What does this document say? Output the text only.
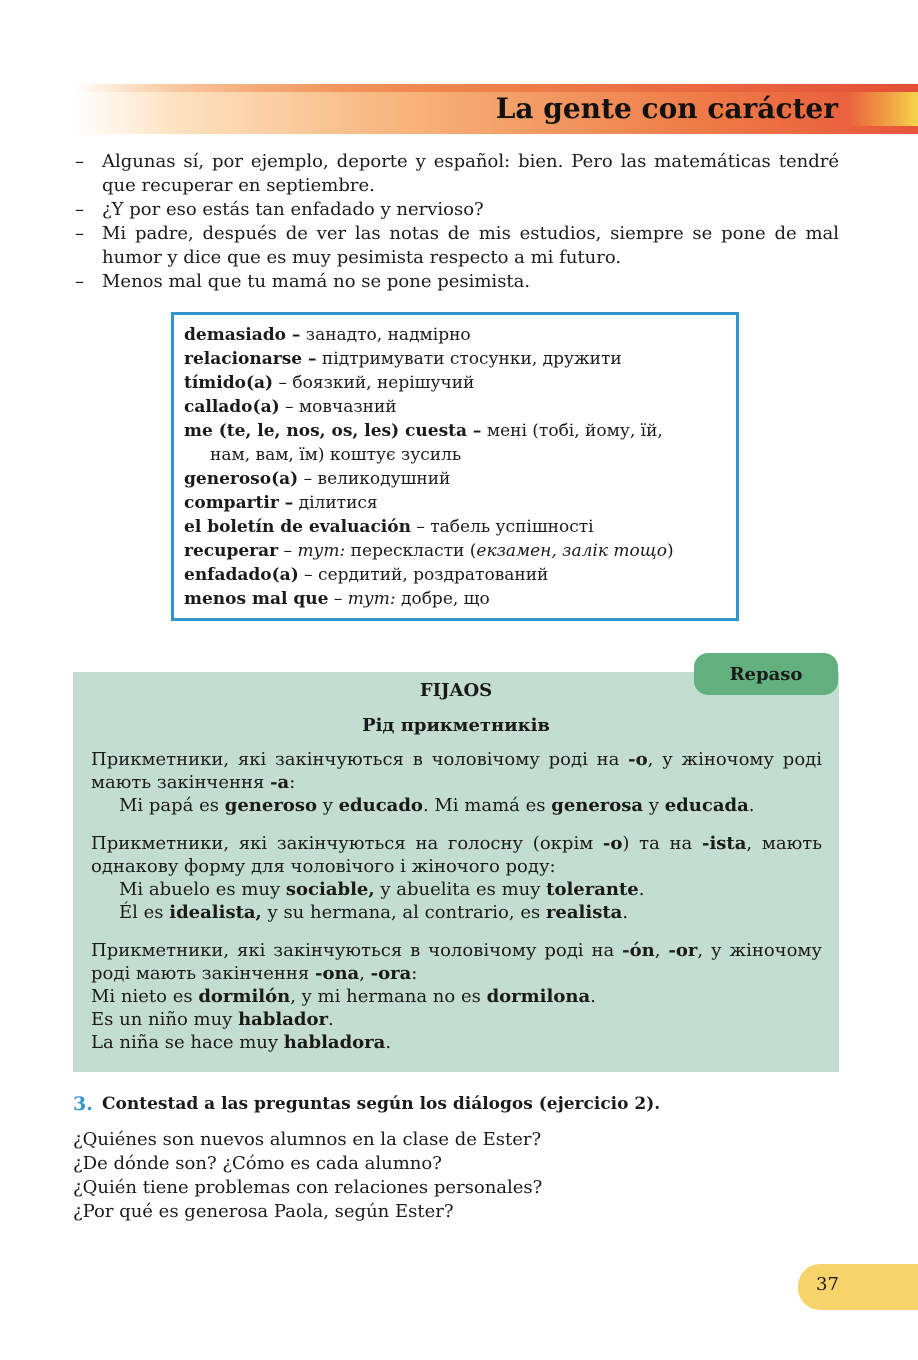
La gente con carácter
– Algunas sí, por ejemplo, deporte y español: bien. Pero las matemáticas tendré que recuperar en septiembre.
– ¿Y por eso estás tan enfadado y nervioso?
– Mi padre, después de ver las notas de mis estudios, siempre se pone de mal humor y dice que es muy pesimista respecto a mi futuro.
– Menos mal que tu mamá no se pone pesimista.
demasiado – занадто, надмірно
relacionarse – підтримувати стосунки, дружити
tímido(a) – боязкий, нерішучий
callado(a) – мовчазний
me (te, le, nos, os, les) cuesta – мені (тобі, йому, їй,
нам, вам, їм) коштує зусиль
generoso(a) – великодушний
compartir – ділитися
el boletín de evaluación – табель успішності
recuperar – тут: перескласти (екзамен, залік тощо)
enfadado(a) – сердитий, роздратований
menos mal que – тут: добре, що
Repaso
FIJAOS
Рід прикметників

Прикметники, які закінчуються в чоловічому роді на -o, у жіночому роді мають закінчення -a:

Mi papá es generoso y educado. Mi mamá es generosa y educada.

Прикметники, які закінчуються на голосну (окрім -o) та на -ista, мають однакову форму для чоловічого і жіночого роду:

Mi abuelo es muy sociable, y abuelita es muy tolerante.

Él es idealista, y su hermana, al contrario, es realista.

Прикметники, які закінчуються в чоловічому роді на -ón, -or, у жіночому роді мають закінчення -ona, -ora:

Mi nieto es dormilón, y mi hermana no es dormilona.

Es un niño muy hablador.

La niña se hace muy habladora.

3. Contestad a las preguntas según los diálogos (ejercicio 2).
¿Quiénes son nuevos alumnos en la clase de Ester?
¿De dónde son? ¿Cómo es cada alumno?
¿Quién tiene problemas con relaciones personales?
¿Por qué es generosa Paola, según Ester?
37
